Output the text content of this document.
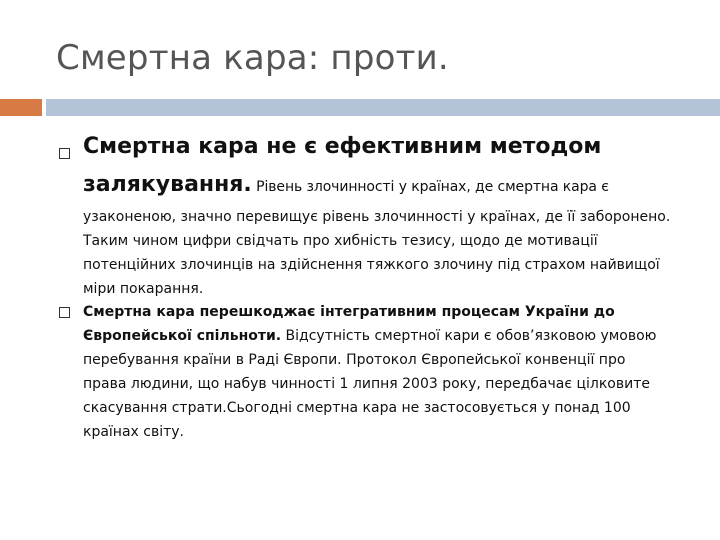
Смертна кара: проти.
Смертна кара не є ефективним методом
залякування. Рівень злочинності у країнах, де смертна кара є
узаконеною, значно перевищує рівень злочинності у країнах, де її заборонено. Таким чином цифри свідчать про хибність тезису, щодо де мотивації потенційних злочинців на здійснення тяжкого злочину під страхом найвищої міри покарання.
Смертна кара перешкоджає інтегративним процесам України до Європейської спільноти. Відсутність смертної кари є обов’язковою умовою перебування країни в Раді Європи. Протокол Європейської конвенції про права людини, що набув чинності 1 липня 2003 року, передбачає цілковите скасування страти.Сьогодні смертна кара не застосовується у понад 100 країнах світу.
